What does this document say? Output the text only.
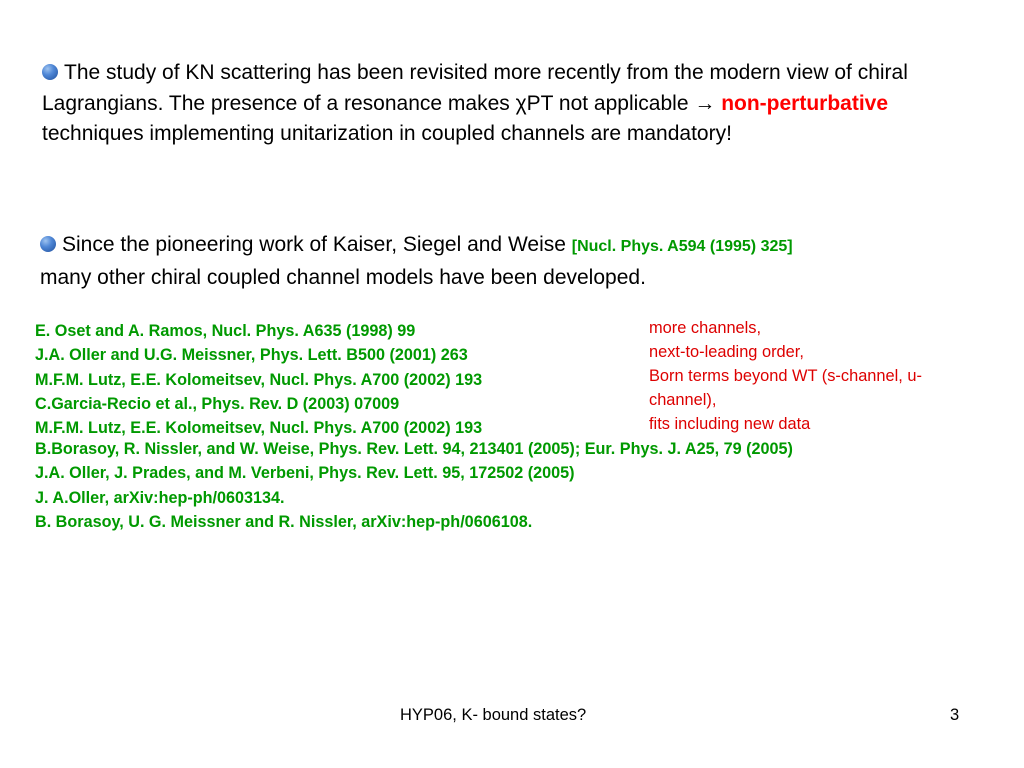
The study of KN scattering has been revisited more recently from the modern view of chiral Lagrangians. The presence of a resonance makes χPT not applicable → non-perturbative techniques implementing unitarization in coupled channels are mandatory!
Since the pioneering work of Kaiser, Siegel and Weise [Nucl. Phys. A594 (1995) 325]
many other chiral coupled channel models have been developed.
E. Oset and A. Ramos, Nucl. Phys. A635 (1998) 99
J.A. Oller and U.G. Meissner, Phys. Lett. B500 (2001) 263
M.F.M. Lutz, E.E. Kolomeitsev, Nucl. Phys. A700 (2002) 193
C.Garcia-Recio et al., Phys. Rev. D (2003) 07009
M.F.M. Lutz, E.E. Kolomeitsev, Nucl. Phys. A700 (2002) 193
B.Borasoy, R. Nissler, and W. Weise, Phys. Rev. Lett. 94, 213401 (2005); Eur. Phys. J. A25, 79 (2005)
J.A. Oller, J. Prades, and M. Verbeni, Phys. Rev. Lett. 95, 172502 (2005)
J. A.Oller, arXiv:hep-ph/0603134.
B. Borasoy, U. G. Meissner and R. Nissler, arXiv:hep-ph/0606108.
more channels,
next-to-leading order,
Born terms beyond WT (s-channel, u-channel),
fits including new data
HYP06, K- bound states?	3
